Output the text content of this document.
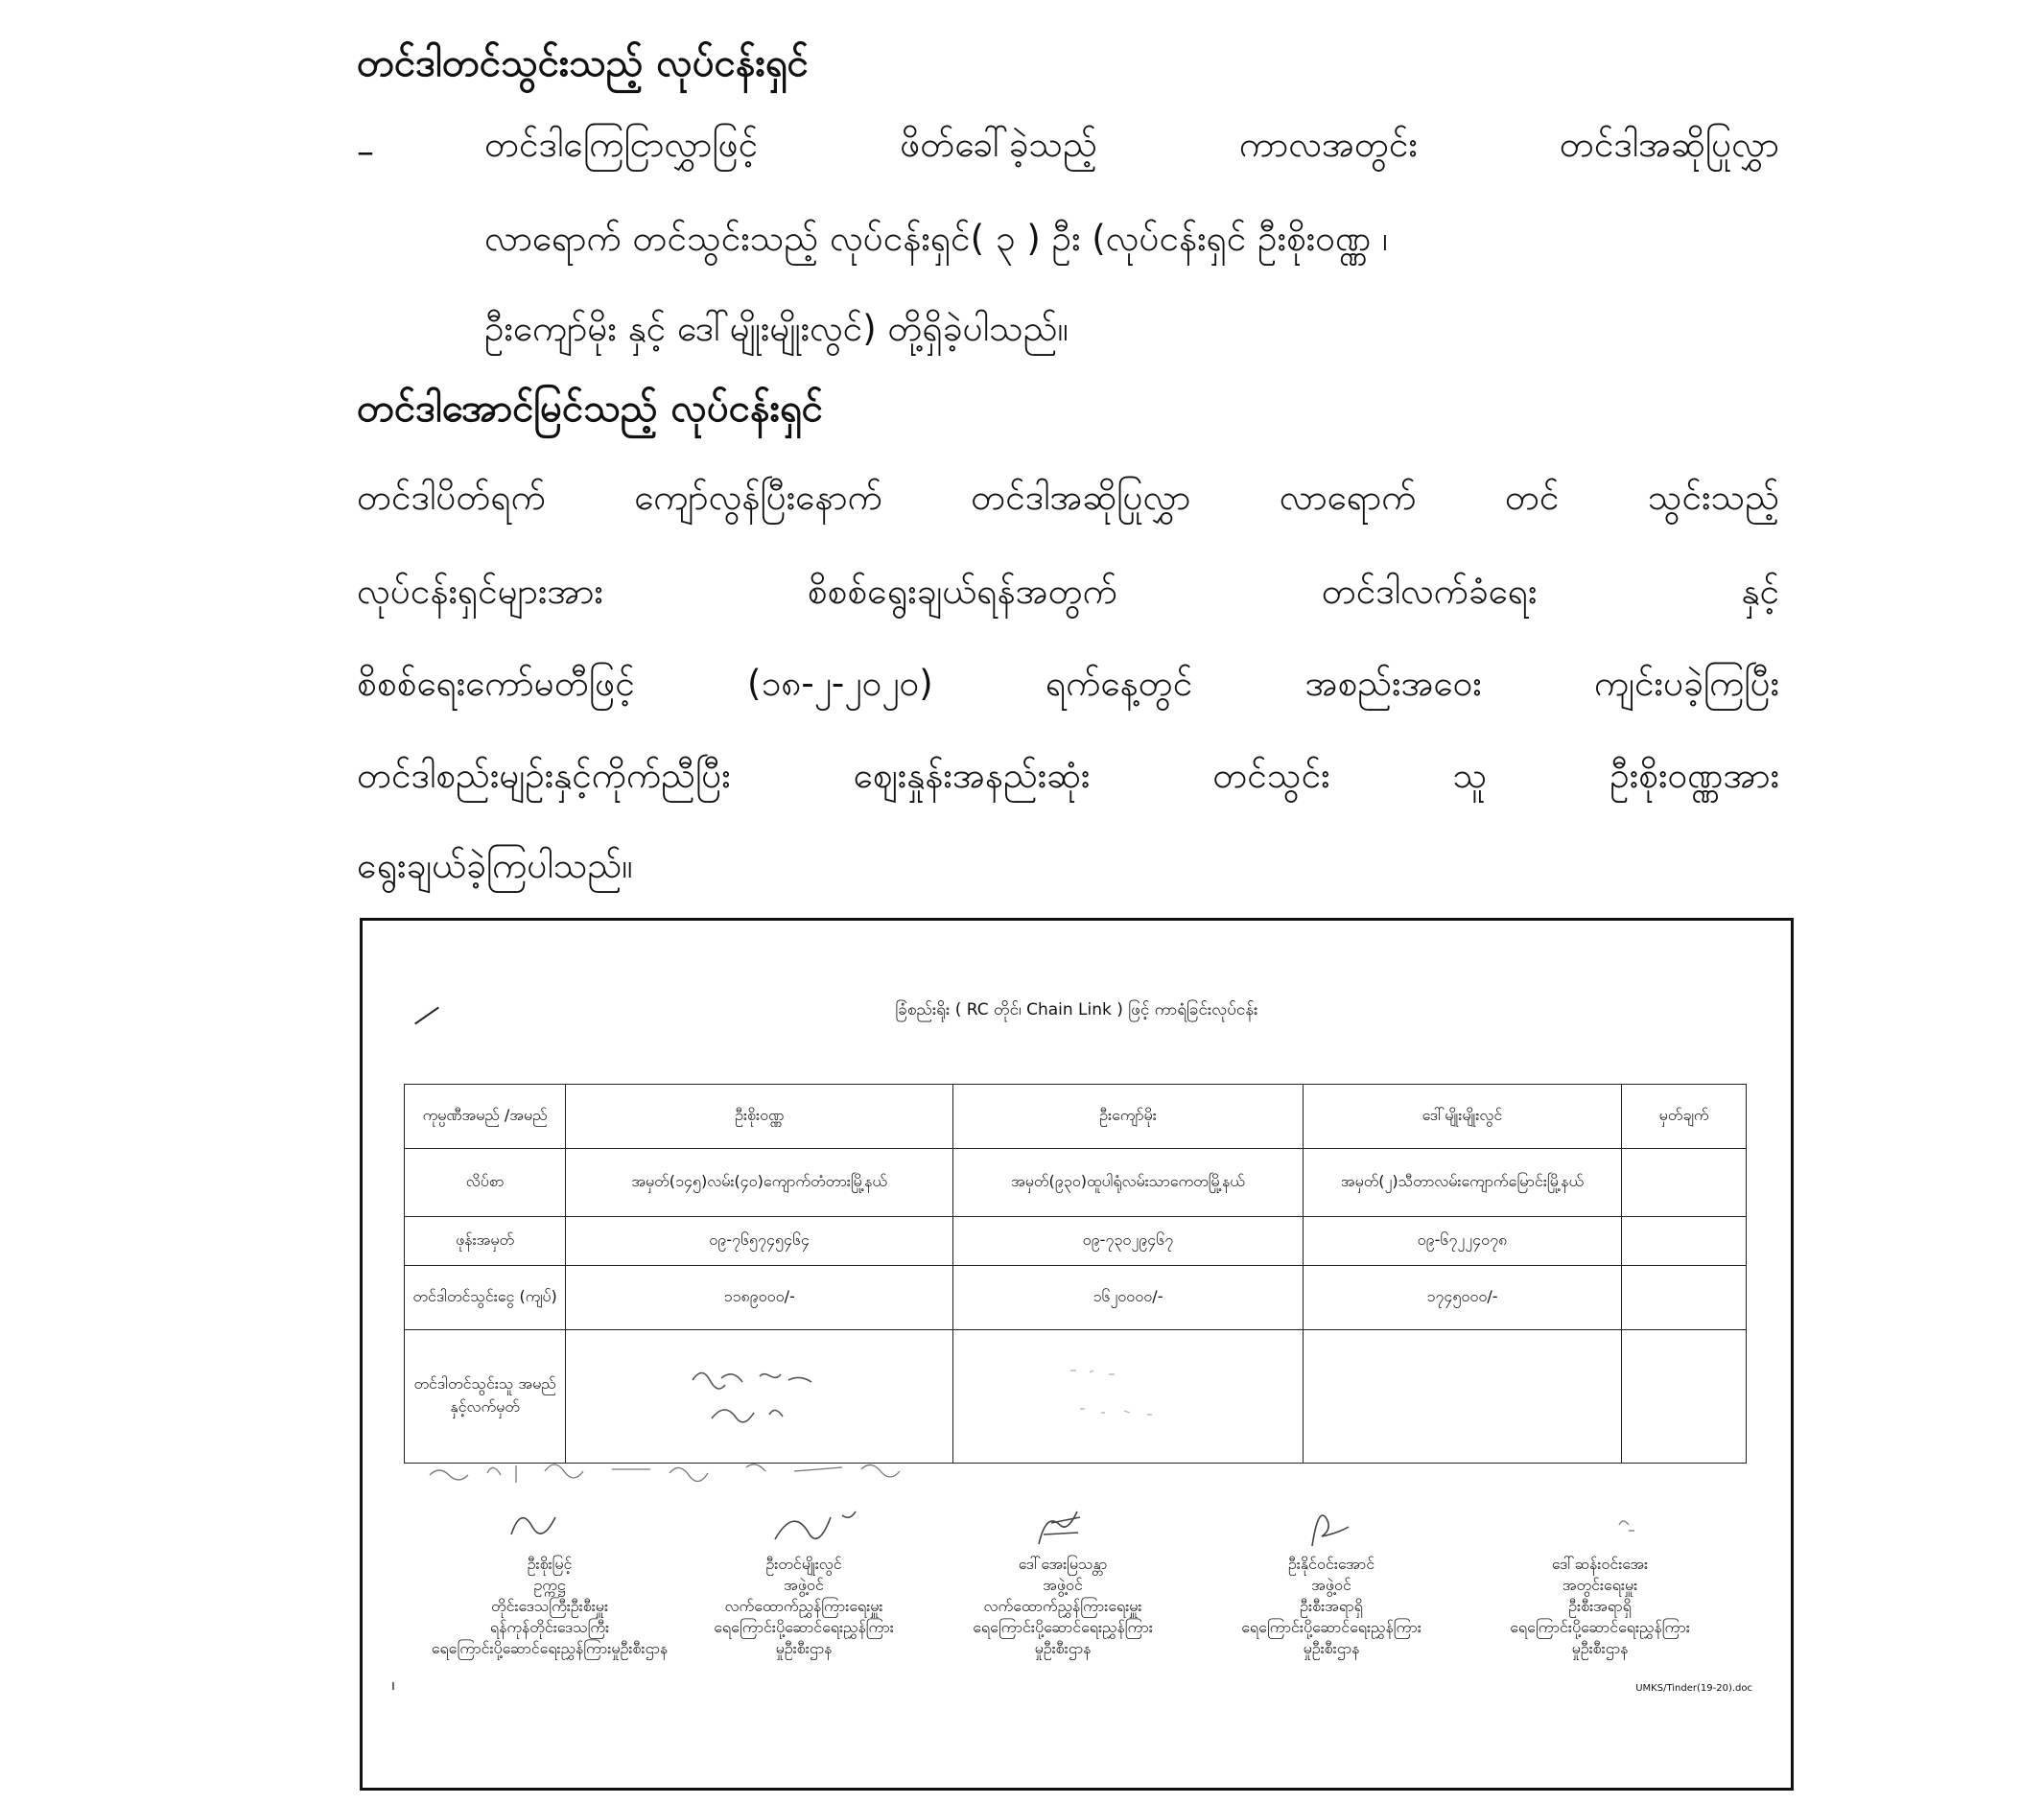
တင်ဒါတင်သွင်းသည့် လုပ်ငန်းရှင်
–	တင်ဒါကြေငြာလွှာဖြင့် ဖိတ်ခေါ်ခဲ့သည့် ကာလအတွင်း တင်ဒါအဆိုပြုလွှာ
လာရောက် တင်သွင်းသည့် လုပ်ငန်းရှင်( ၃ ) ဦး (လုပ်ငန်းရှင် ဦးစိုးဝဏ္ဏ ၊
ဦးကျော်မိုး နှင့် ဒေါ်မျိုးမျိုးလွင်) တို့ရှိခဲ့ပါသည်။
တင်ဒါအောင်မြင်သည့် လုပ်ငန်းရှင်
တင်ဒါပိတ်ရက် ကျော်လွန်ပြီးနောက် တင်ဒါအဆိုပြုလွှာ လာရောက် တင် သွင်းသည့်
လုပ်ငန်းရှင်များအား စိစစ်ရွေးချယ်ရန်အတွက် တင်ဒါလက်ခံရေး နှင့်
စိစစ်ရေးကော်မတီဖြင့် (၁၈-၂-၂၀၂၀) ရက်နေ့တွင် အစည်းအဝေး ကျင်းပခဲ့ကြပြီး
တင်ဒါစည်းမျဉ်းနှင့်ကိုက်ညီပြီး ဈေးနှုန်းအနည်းဆုံး တင်သွင်း သူ ဦးစိုးဝဏ္ဏအား
ရွေးချယ်ခဲ့ကြပါသည်။
ခြံစည်းရိုး ( RC တိုင်၊ Chain Link ) ဖြင့် ကာရံခြင်းလုပ်ငန်း
ကုမ္ပဏီအမည် /အမည်	ဦးစိုးဝဏ္ဏ	ဦးကျော်မိုး	ဒေါ်မျိုးမျိုးလွင်	မှတ်ချက်
လိပ်စာ	အမှတ်(၁၄၅)လမ်း(၄၀)ကျောက်တံတားမြို့နယ်	အမှတ်(၉၃၀)ထူပါရုံလမ်းသာကေတမြို့နယ်	အမှတ်(၂)သီတာလမ်းကျောက်မြောင်းမြို့နယ်	
ဖုန်းအမှတ်	၀၉-၇၆၅၇၄၅၄၆၄	၀၉-၇၃၀၂၉၄၆၇	၀၉-၆၇၂၂၄၀၇၈	
တင်ဒါတင်သွင်းငွေ (ကျပ်)	၁၁၈၉၀၀၀/-	၁၆၂၀၀၀၀/-	၁၇၄၅၀၀၀/-	
တင်ဒါတင်သွင်းသူ အမည်နှင့်လက်မှတ်				
ဦးစိုးမြင့်
ဥက္ကဋ္ဌ
တိုင်းဒေသကြီးဦးစီးမှူး
ရန်ကုန်တိုင်းဒေသကြီး
ရေကြောင်းပို့ဆောင်ရေးညွှန်ကြားမှုဦးစီးဌာန
ဦးတင်မျိုးလွင်
အဖွဲ့ဝင်
လက်ထောက်ညွှန်ကြားရေးမှူး
ရေကြောင်းပို့ဆောင်ရေးညွှန်ကြား
မှုဦးစီးဌာန
ဒေါ်အေးမြသန္တာ
အဖွဲ့ဝင်
လက်ထောက်ညွှန်ကြားရေးမှူး
ရေကြောင်းပို့ဆောင်ရေးညွှန်ကြား
မှုဦးစီးဌာန
ဦးနိုင်ဝင်းအောင်
အဖွဲ့ဝင်
ဦးစီးအရာရှိ
ရေကြောင်းပို့ဆောင်ရေးညွှန်ကြား
မှုဦးစီးဌာန
ဒေါ်ဆန်းဝင်းအေး
အတွင်းရေးမှူး
ဦးစီးအရာရှိ
ရေကြောင်းပို့ဆောင်ရေးညွှန်ကြား
မှုဦးစီးဌာန
UMKS/Tinder(19-20).doc
ı
